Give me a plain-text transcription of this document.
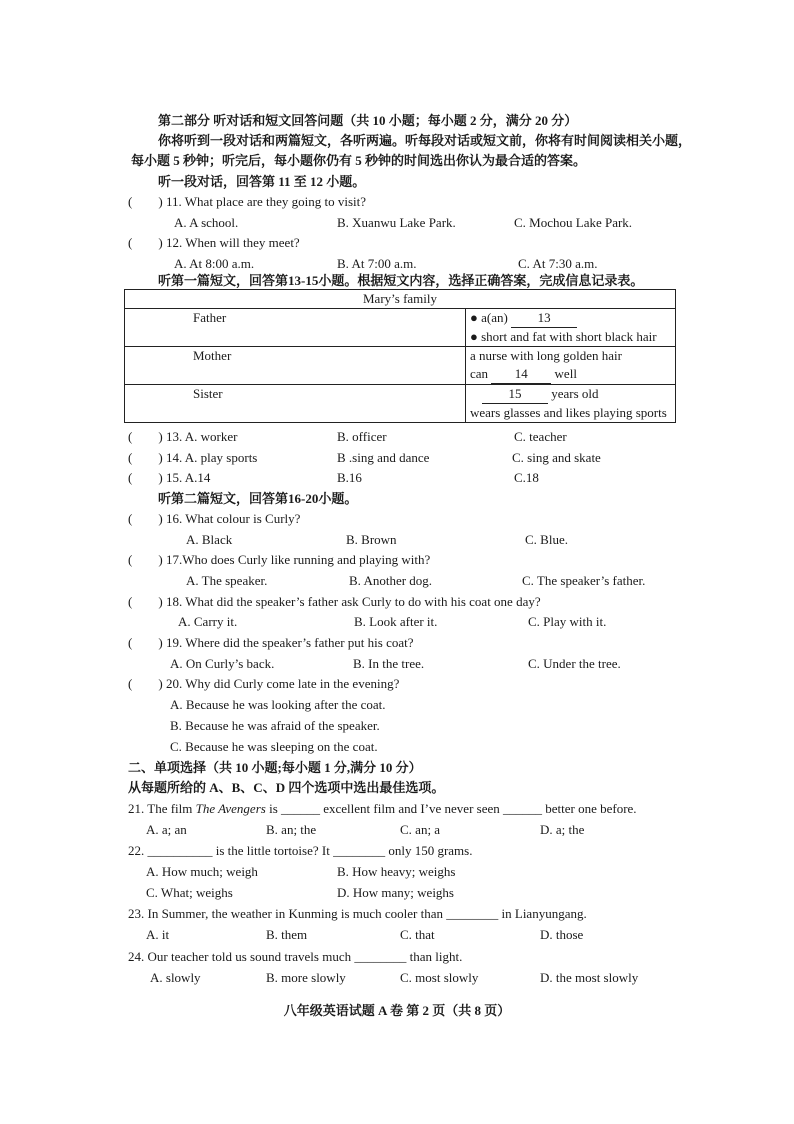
第二部分 听对话和短文回答问题（共 10 小题；每小题 2 分，满分 20 分）
你将听到一段对话和两篇短文，各听两遍。听每段对话或短文前，你将有时间阅读相关小题，
每小题 5 秒钟；听完后，每小题你仍有 5 秒钟的时间选出你认为最合适的答案。
听一段对话，回答第 11 至 12 小题。
(　　) 11. What place are they going to visit?
A. A school.	B. Xuanwu Lake Park.	C. Mochou Lake Park.
(　　) 12. When will they meet?
A. At 8:00 a.m.	B. At 7:00 a.m.	C. At 7:30 a.m.
听第一篇短文，回答第13-15小题。根据短文内容，选择正确答案，完成信息记录表。
Mary’s family	
Father	● a(an) 13
● short and fat with short black hair

Mother	a nurse with long golden hair
can 14 well

Sister	15 years old
wears glasses and likes playing sports
(　　) 13. A. worker	B. officer	C. teacher
(　　) 14. A. play sports	B .sing and dance	C. sing and skate
(　　) 15. A.14	B.16	C.18
听第二篇短文，回答第16-20小题。
(　　) 16. What colour is Curly?
A. Black	B. Brown	C. Blue.
(　　) 17.Who does Curly like running and playing with?
A. The speaker.	B. Another dog.	C. The speaker’s father.
(　　) 18. What did the speaker’s father ask Curly to do with his coat one day?
A. Carry it.	B. Look after it.	C. Play with it.
(　　) 19. Where did the speaker’s father put his coat?
A. On Curly’s back.	B. In the tree.	C. Under the tree.
(　　) 20. Why did Curly come late in the evening?
A. Because he was looking after the coat.
B. Because he was afraid of the speaker.
C. Because he was sleeping on the coat.
二、单项选择（共 10 小题;每小题 1 分,满分 10 分）
从每题所给的 A、B、C、D 四个选项中选出最佳选项。
21. The film The Avengers is ______ excellent film and I’ve never seen ______ better one before.
A. a; an	B. an; the	C. an; a	D. a; the
22. __________ is the little tortoise? It ________ only 150 grams.
A. How much; weigh	B. How heavy; weighs
C. What; weighs	D. How many; weighs
23. In Summer, the weather in Kunming is much cooler than ________ in Lianyungang.
A. it	B. them	C. that	D. those
24. Our teacher told us sound travels much ________ than light.
A. slowly	B. more slowly	C. most slowly	D. the most slowly
八年级英语试题 A 卷 第 2 页（共 8 页）
